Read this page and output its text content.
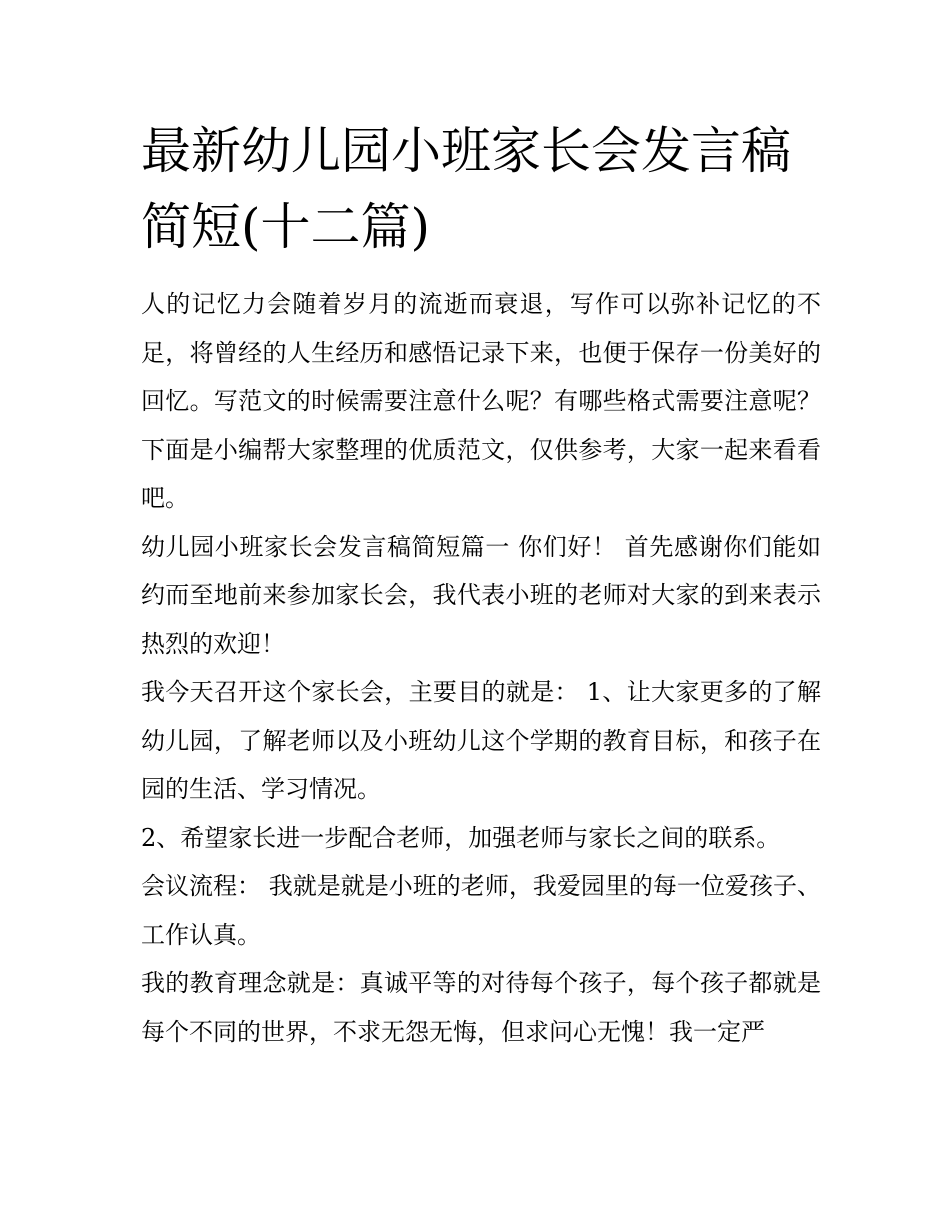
最新幼儿园小班家长会发言稿
简短(十二篇)

人的记忆力会随着岁月的流逝而衰退，写作可以弥补记忆的不足，将曾经的人生经历和感悟记录下来，也便于保存一份美好的回忆。写范文的时候需要注意什么呢？有哪些格式需要注意呢？下面是小编帮大家整理的优质范文，仅供参考，大家一起来看看吧。

幼儿园小班家长会发言稿简短篇一 你们好！ 首先感谢你们能如约而至地前来参加家长会，我代表小班的老师对大家的到来表示热烈的欢迎！

我今天召开这个家长会，主要目的就是： 1、让大家更多的了解幼儿园，了解老师以及小班幼儿这个学期的教育目标，和孩子在园的生活、学习情况。

2、希望家长进一步配合老师，加强老师与家长之间的联系。

会议流程： 我就是就是小班的老师，我爱园里的每一位爱孩子、工作认真。

我的教育理念就是：真诚平等的对待每个孩子，每个孩子都就是每个不同的世界，不求无怨无悔，但求问心无愧！我一定严
